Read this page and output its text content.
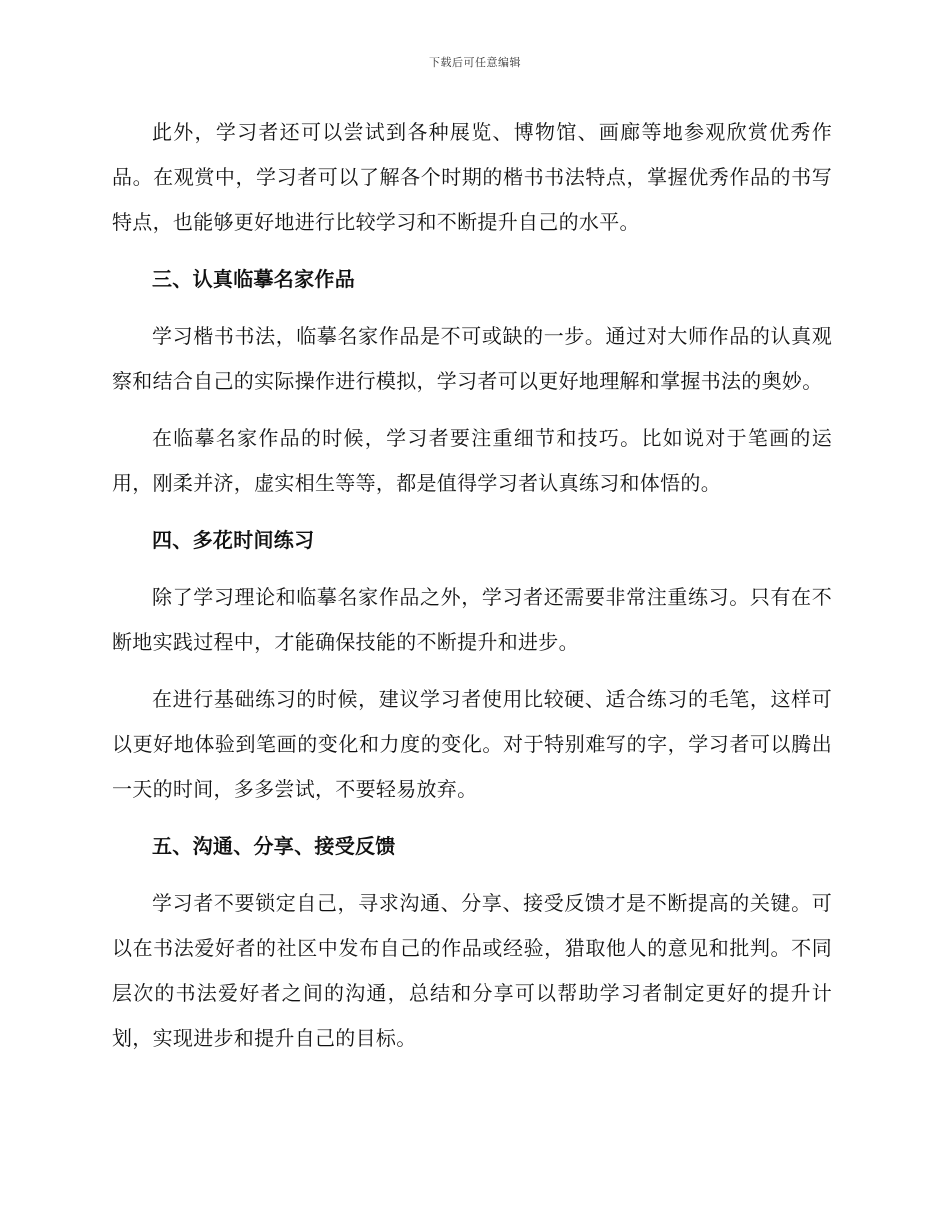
下载后可任意编辑

此外，学习者还可以尝试到各种展览、博物馆、画廊等地参观欣赏优秀作品。在观赏中，学习者可以了解各个时期的楷书书法特点，掌握优秀作品的书写特点，也能够更好地进行比较学习和不断提升自己的水平。

三、认真临摹名家作品

学习楷书书法，临摹名家作品是不可或缺的一步。通过对大师作品的认真观察和结合自己的实际操作进行模拟，学习者可以更好地理解和掌握书法的奥妙。

在临摹名家作品的时候，学习者要注重细节和技巧。比如说对于笔画的运用，刚柔并济，虚实相生等等，都是值得学习者认真练习和体悟的。

四、多花时间练习

除了学习理论和临摹名家作品之外，学习者还需要非常注重练习。只有在不断地实践过程中，才能确保技能的不断提升和进步。

在进行基础练习的时候，建议学习者使用比较硬、适合练习的毛笔，这样可以更好地体验到笔画的变化和力度的变化。对于特别难写的字，学习者可以腾出一天的时间，多多尝试，不要轻易放弃。

五、沟通、分享、接受反馈

学习者不要锁定自己，寻求沟通、分享、接受反馈才是不断提高的关键。可以在书法爱好者的社区中发布自己的作品或经验，猎取他人的意见和批判。不同层次的书法爱好者之间的沟通，总结和分享可以帮助学习者制定更好的提升计划，实现进步和提升自己的目标。
